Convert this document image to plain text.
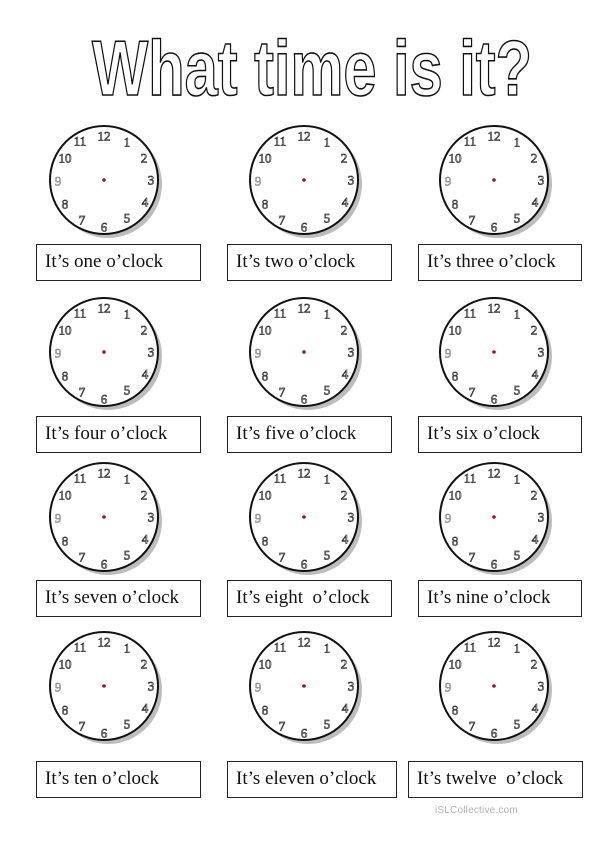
What time is it?
12 1
2
3
4
5
6
7
8
9
10
11
It’s one o’clock
12 1
2
3
4
5
6
7
8
9
10
11
It’s two o’clock
12 1
2
3
4
5
6
7
8
9
10
11
It’s three o’clock
12 1
2
3
4
5
6
7
8
9
10
11
It’s four o’clock
12 1
2
3
4
5
6
7
8
9
10
11
It’s five o’clock
12 1
2
3
4
5
6
7
8
9
10
11
It’s six o’clock
12 1
2
3
4
5
6
7
8
9
10
11
It’s seven o’clock
12 1
2
3
4
5
6
7
8
9
10
11
It’s eight  o’clock
12 1
2
3
4
5
6
7
8
9
10
11
It’s nine o’clock
12 1
2
3
4
5
6
7
8
9
10
11
It’s ten o’clock
12 1
2
3
4
5
6
7
8
9
10
11
It’s eleven o’clock
12 1
2
3
4
5
6
7
8
9
10
11
It’s twelve  o’clock
iSLCollective.com
